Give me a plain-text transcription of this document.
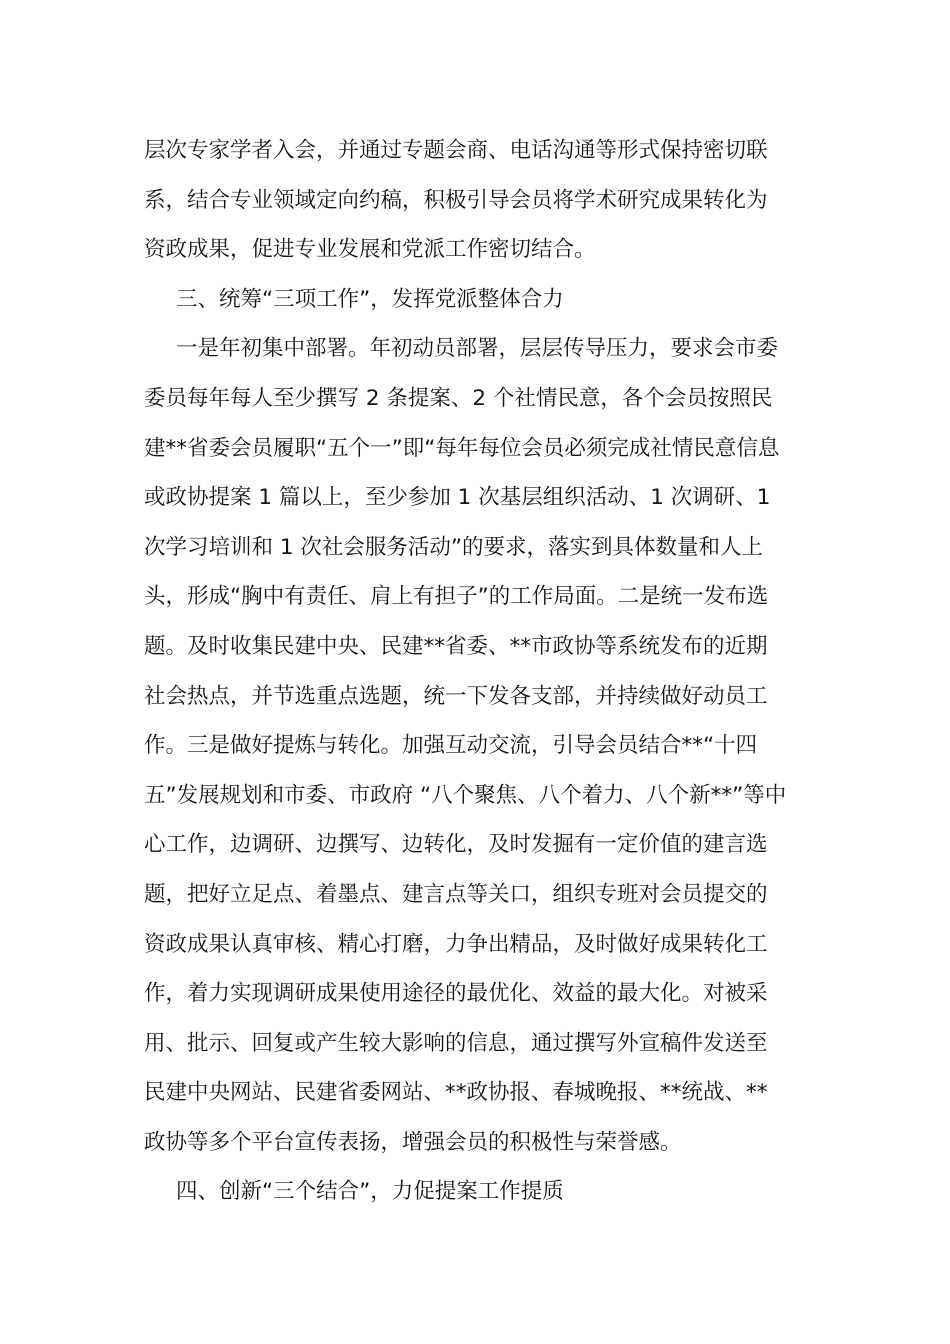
层次专家学者入会，并通过专题会商、电话沟通等形式保持密切联
系，结合专业领域定向约稿，积极引导会员将学术研究成果转化为
资政成果，促进专业发展和党派工作密切结合。

三、统筹“三项工作”，发挥党派整体合力

一是年初集中部署。年初动员部署，层层传导压力，要求会市委
委员每年每人至少撰写 2 条提案、2 个社情民意，各个会员按照民
建**省委会员履职“五个一”即“每年每位会员必须完成社情民意信息
或政协提案 1 篇以上，至少参加 1 次基层组织活动、1 次调研、1
次学习培训和 1 次社会服务活动”的要求，落实到具体数量和人上
头，形成“胸中有责任、肩上有担子”的工作局面。二是统一发布选
题。及时收集民建中央、民建**省委、**市政协等系统发布的近期
社会热点，并节选重点选题，统一下发各支部，并持续做好动员工
作。三是做好提炼与转化。加强互动交流，引导会员结合**“十四
五”发展规划和市委、市政府 “八个聚焦、八个着力、八个新**”等中
心工作，边调研、边撰写、边转化，及时发掘有一定价值的建言选
题，把好立足点、着墨点、建言点等关口，组织专班对会员提交的
资政成果认真审核、精心打磨，力争出精品，及时做好成果转化工
作，着力实现调研成果使用途径的最优化、效益的最大化。对被采
用、批示、回复或产生较大影响的信息，通过撰写外宣稿件发送至
民建中央网站、民建省委网站、**政协报、春城晚报、**统战、**
政协等多个平台宣传表扬，增强会员的积极性与荣誉感。

四、创新“三个结合”，力促提案工作提质
